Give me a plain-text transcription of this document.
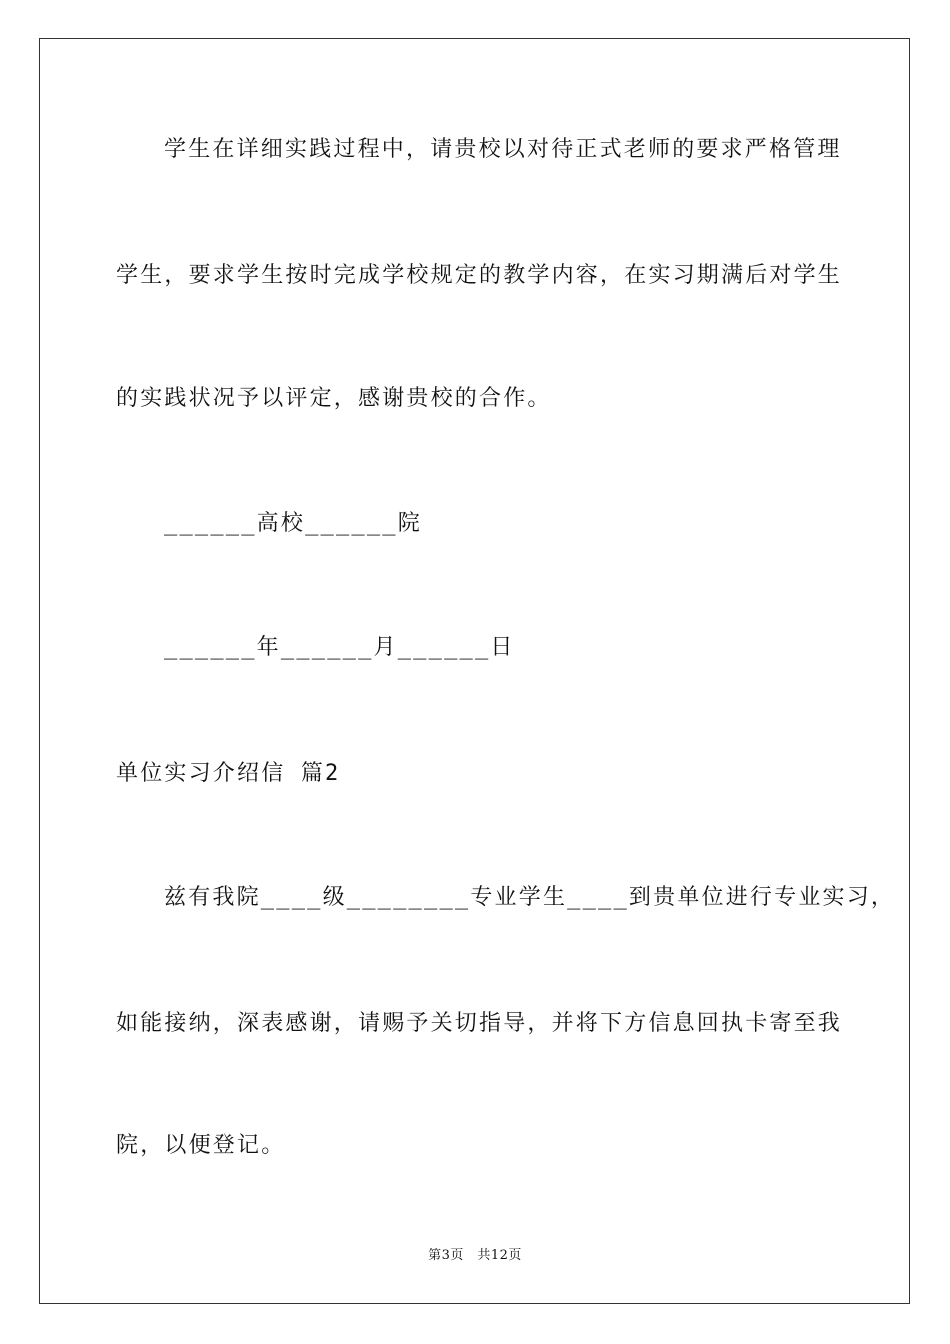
学生在详细实践过程中，请贵校以对待正式老师的要求严格管理
学生，要求学生按时完成学校规定的教学内容，在实习期满后对学生
的实践状况予以评定，感谢贵校的合作。
______高校______院
______年______月______日
单位实习介绍信 篇2
兹有我院____级________专业学生____到贵单位进行专业实习，
如能接纳，深表感谢，请赐予关切指导，并将下方信息回执卡寄至我
院，以便登记。
第3页　共12页
